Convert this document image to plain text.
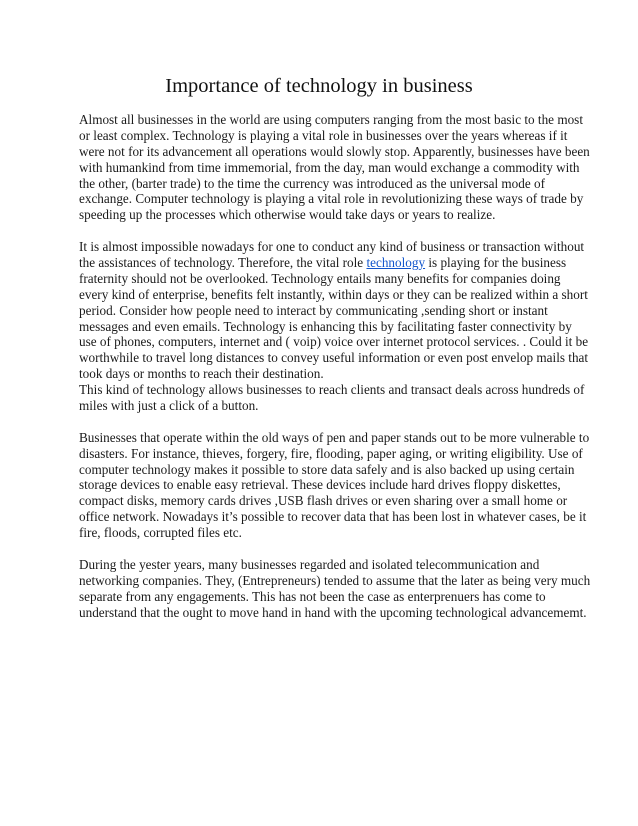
Importance of technology in business
Almost all businesses in the world are using computers ranging from the most basic to the most
or least complex. Technology is playing a vital role in businesses over the years whereas if it
were not for its advancement all operations would slowly stop. Apparently, businesses have been
with humankind from time immemorial, from the day, man would exchange a commodity with
the other, (barter trade) to the time the currency was introduced as the universal mode of
exchange. Computer technology is playing a vital role in revolutionizing these ways of trade by
speeding up the processes which otherwise would take days or years to realize.
It is almost impossible nowadays for one to conduct any kind of business or transaction without
the assistances of technology. Therefore, the vital role technology is playing for the business
fraternity should not be overlooked. Technology entails many benefits for companies doing
every kind of enterprise, benefits felt instantly, within days or they can be realized within a short
period. Consider how people need to interact by communicating ,sending short or instant
messages and even emails. Technology is enhancing this by facilitating faster connectivity by
use of phones, computers, internet and ( voip) voice over internet protocol services. . Could it be
worthwhile to travel long distances to convey useful information or even post envelop mails that
took days or months to reach their destination.
This kind of technology allows businesses to reach clients and transact deals across hundreds of
miles with just a click of a button.
Businesses that operate within the old ways of pen and paper stands out to be more vulnerable to
disasters. For instance, thieves, forgery, fire, flooding, paper aging, or writing eligibility. Use of
computer technology makes it possible to store data safely and is also backed up using certain
storage devices to enable easy retrieval. These devices include hard drives floppy diskettes,
compact disks, memory cards drives ,USB flash drives or even sharing over a small home or
office network. Nowadays it’s possible to recover data that has been lost in whatever cases, be it
fire, floods, corrupted files etc.
During the yester years, many businesses regarded and isolated telecommunication and
networking companies. They, (Entrepreneurs) tended to assume that the later as being very much
separate from any engagements. This has not been the case as enterprenuers has come to
understand that the ought to move hand in hand with the upcoming technological advancememt.
